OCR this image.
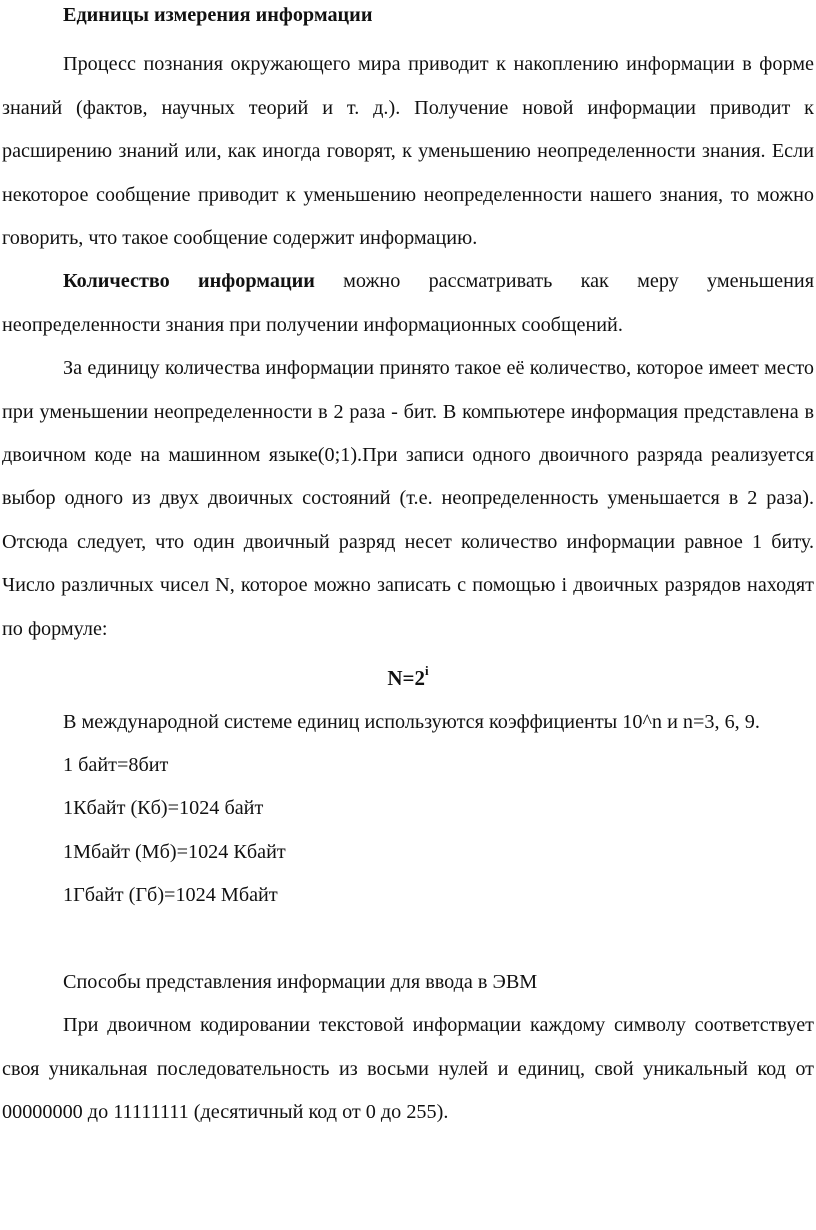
Единицы измерения информации

Процесс познания окружающего мира приводит к накоплению информации в форме знаний (фактов, научных теорий и т. д.). Получение новой информации приводит к расширению знаний или, как иногда говорят, к уменьшению неопределенности знания. Если некоторое сообщение приводит к уменьшению неопределенности нашего знания, то можно говорить, что такое сообщение содержит информацию.

Количество информации можно рассматривать как меру уменьшения неопределенности знания при получении информационных сообщений.

За единицу количества информации принято такое её количество, которое имеет место при уменьшении неопределенности в 2 раза - бит. В компьютере информация представлена в двоичном коде на машинном языке(0;1).При записи одного двоичного разряда реализуется выбор одного из двух двоичных состояний (т.е. неопределенность уменьшается в 2 раза). Отсюда следует, что один двоичный разряд несет количество информации равное 1 биту. Число различных чисел N, которое можно записать с помощью i двоичных разрядов находят по формуле:

$N=2^i$

В международной системе единиц используются коэффициенты 10^n и n=3, 6, 9.

1 байт=8бит

1Кбайт (Кб)=1024 байт

1Мбайт (Мб)=1024 Кбайт

1Гбайт (Гб)=1024 Мбайт

Способы представления информации для ввода в ЭВМ

При двоичном кодировании текстовой информации каждому символу соответствует своя уникальная последовательность из восьми нулей и единиц, свой уникальный код от 00000000 до 11111111 (десятичный код от 0 до 255).
